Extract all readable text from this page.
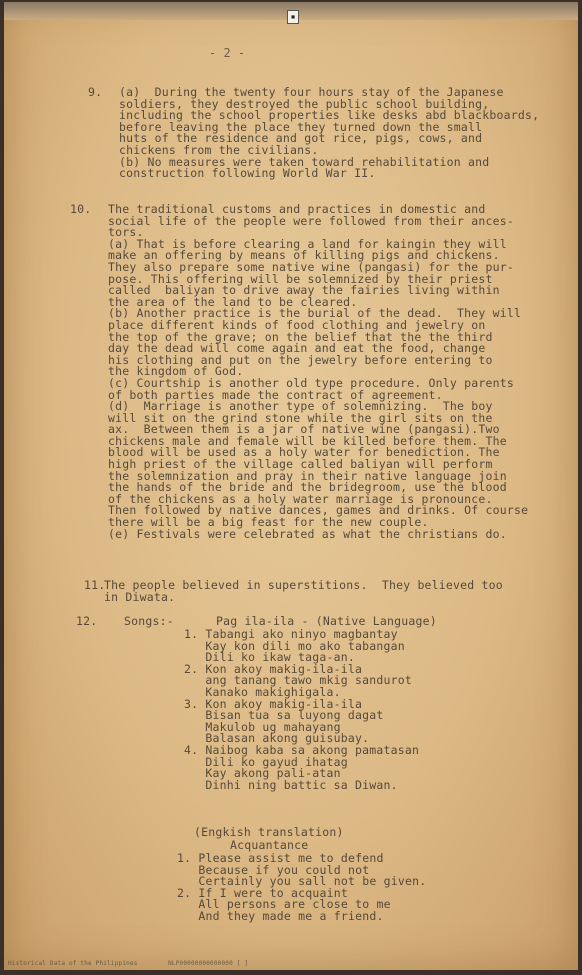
▪
- 2 -
9. (a)  During the twenty four hours stay of the Japanese
soldiers, they destroyed the public school building,
including the school properties like desks abd blackboards,
before leaving the place they turned down the small
huts of the residence and got rice, pigs, cows, and
chickens from the civilians.
(b) No measures were taken toward rehabilitation and
construction following World War II.
10. The traditional customs and practices in domestic and
social life of the people were followed from their ances-
tors.
(a) That is before clearing a land for kaingin they will
make an offering by means of killing pigs and chickens.
They also prepare some native wine (pangasi) for the pur-
pose. This offering will be solemnized by their priest
called  baliyan to drive away the fairies living within
the area of the land to be cleared.
(b) Another practice is the burial of the dead.  They will
place different kinds of food clothing and jewelry on
the top of the grave; on the belief that the the third
day the dead will come again and eat the food, change
his clothing and put on the jewelry before entering to
the kingdom of God.
(c) Courtship is another old type procedure. Only parents
of both parties made the contract of agreement.
(d)  Marriage is another type of solemnizing.  The boy
will sit on the grind stone while the girl sits on the
ax.  Between them is a jar of native wine (pangasi).Two
chickens male and female will be killed before them. The
blood will be used as a holy water for benediction. The
high priest of the village called baliyan will perform
the solemnization and pray in their native language join
the hands of the bride and the bridegroom, use the blood
of the chickens as a holy water marriage is pronounce.
Then followed by native dances, games and drinks. Of course
there will be a big feast for the new couple.
(e) Festivals were celebrated as what the christians do.
11.
The people believed in superstitions.  They believed too
in Diwata.
12. Songs:-	Pag ila-ila - (Native Language)
1. Tabangi ako ninyo magbantay
Kay kon dili mo ako tabangan
Dili ko ikaw taga-an.
2. Kon akoy makig-ila-ila
ang tanang tawo mkig sandurot
Kanako makighigala.
3. Kon akoy makig-ila-ila
Bisan tua sa luyong dagat
Makulob ug mahayang
Balasan akong guisubay.
4. Naibog kaba sa akong pamatasan
Dili ko gayud ihatag
Kay akong pali-atan
Dinhi ning battic sa Diwan.
(Engkish translation)
Acquantance
1. Please assist me to defend
Because if you could not
Certainly you sall not be given.
2. If I were to acquaint
All persons are close to me
And they made me a friend.
Historical Data of the Philippines        NLP00000000000000 [ ]
